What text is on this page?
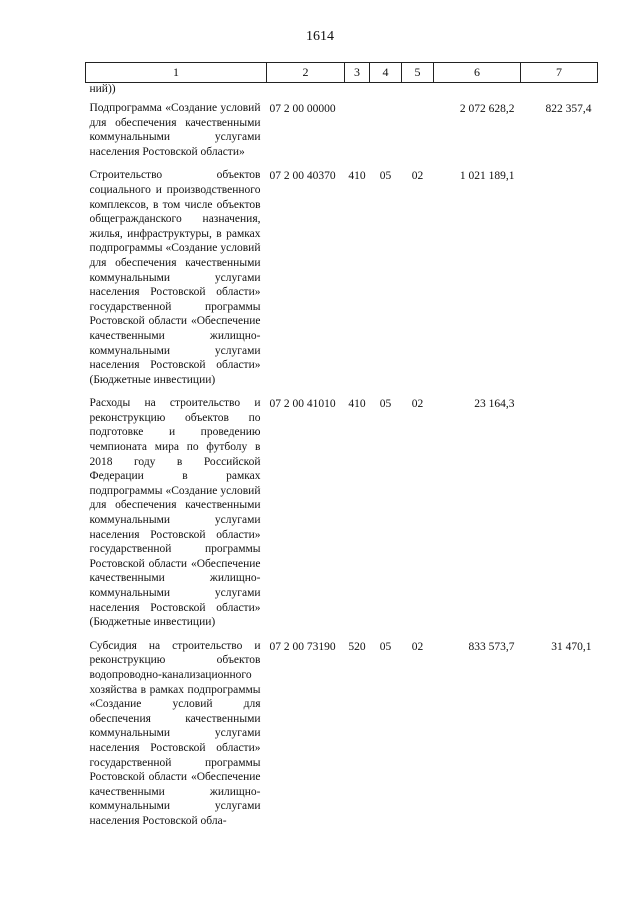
1614
1	2	3	4	5	6	7
ний))						
Подпрограмма «Создание условий для обеспечения качественными коммунальными услугами населения Ростовской области»	07 2 00 00000				2 072 628,2	822 357,4
Строительство объектов социального и производственного комплексов, в том числе объектов общегражданского назначения, жилья, инфраструктуры, в рамках подпрограммы «Создание условий для обеспечения качественными коммунальными услугами населения Ростовской области» государственной программы Ростовской области «Обеспечение качественными жилищно-коммунальными услугами населения Ростовской области» (Бюджетные инвестиции)	07 2 00 40370	410	05	02	1 021 189,1	
Расходы на строительство и реконструкцию объектов по подготовке и проведению чемпионата мира по футболу в 2018 году в Российской Федерации в рамках подпрограммы «Создание условий для обеспечения качественными коммунальными услугами населения Ростовской области» государственной программы Ростовской области «Обеспечение качественными жилищно-коммунальными услугами населения Ростовской области» (Бюджетные инвестиции)	07 2 00 41010	410	05	02	23 164,3	
Субсидия на строительство и реконструкцию объектов водопроводно-канализационного хозяйства в рамках подпрограммы «Создание условий для обеспечения качественными коммунальными услугами населения Ростовской области» государственной программы Ростовской области «Обеспечение качественными жилищно-коммунальными услугами населения Ростовской обла-	07 2 00 73190	520	05	02	833 573,7	31 470,1
